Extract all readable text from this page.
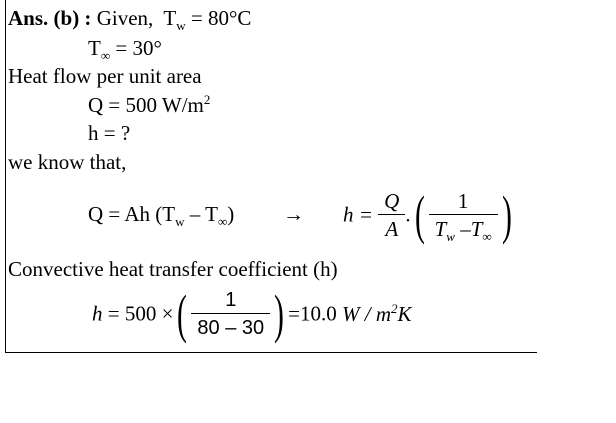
Ans. (b) : Given, $T_w = 80^\circ C$
$T_\infty = 30^\circ$
Heat flow per unit area
Q = 500 $W/m^2$
h = ?
we know that,
Q = Ah $(T_w - T_\infty) \to h = \frac{Q}{A}$ .( $\frac{1}{T_w -T_\infty}$ )
Convective heat transfer coefficient (h)
h = 500 ×( $\frac{1}{80 - 30}$ ) =10.0 W / $m^2K$
